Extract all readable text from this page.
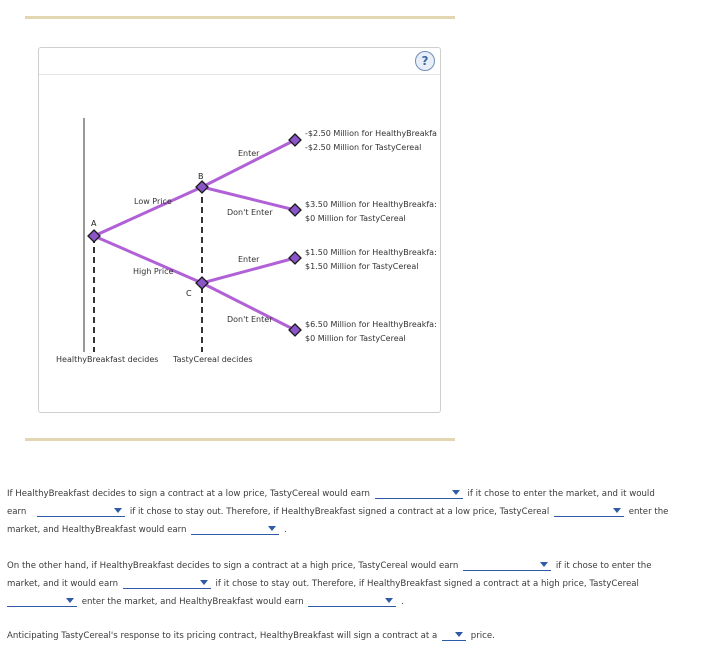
?
A
B
C
Low Price
High Price
Enter
Don't Enter
Enter
Don't Enter
-$2.50 Million for HealthyBreakfa
-$2.50 Million for TastyCereal
$3.50 Million for HealthyBreakfa:
$0 Million for TastyCereal
$1.50 Million for HealthyBreakfa:
$1.50 Million for TastyCereal
$6.50 Million for HealthyBreakfa:
$0 Million for TastyCereal
HealthyBreakfast decides TastyCereal decides
If HealthyBreakfast decides to sign a contract at a low price, TastyCereal would earn	if it chose to enter the market, and it would
earn	if it chose to stay out. Therefore, if HealthyBreakfast signed a contract at a low price, TastyCereal	enter the
market, and HealthyBreakfast would earn	.
On the other hand, if HealthyBreakfast decides to sign a contract at a high price, TastyCereal would earn	if it chose to enter the
market, and it would earn	if it chose to stay out. Therefore, if HealthyBreakfast signed a contract at a high price, TastyCereal
enter the market, and HealthyBreakfast would earn	.
Anticipating TastyCereal's response to its pricing contract, HealthyBreakfast will sign a contract at a	price.
